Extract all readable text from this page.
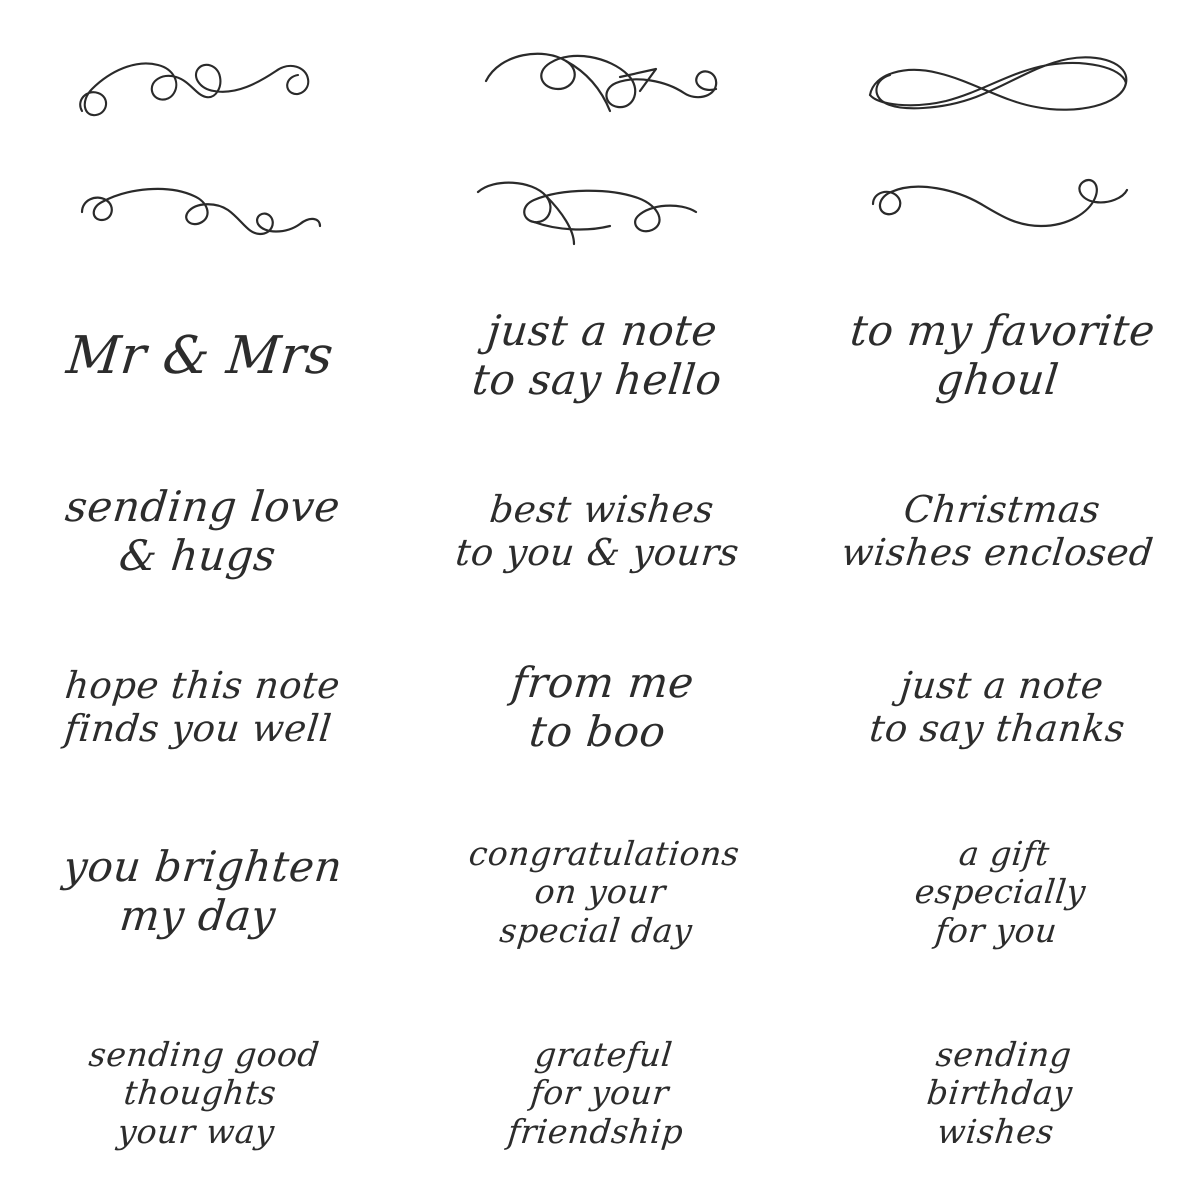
Mr & Mrs	just a note
to say hello
to my favorite
ghoul
sending love
& hugs
best wishes
to you & yours
Christmas
wishes enclosed
hope this note
finds you well
from me
to boo
just a note
to say thanks
you brighten
my day
congratulations
on your
special day
a gift
especially
for you
sending good
thoughts
your way
grateful
for your
friendship
sending
birthday
wishes
